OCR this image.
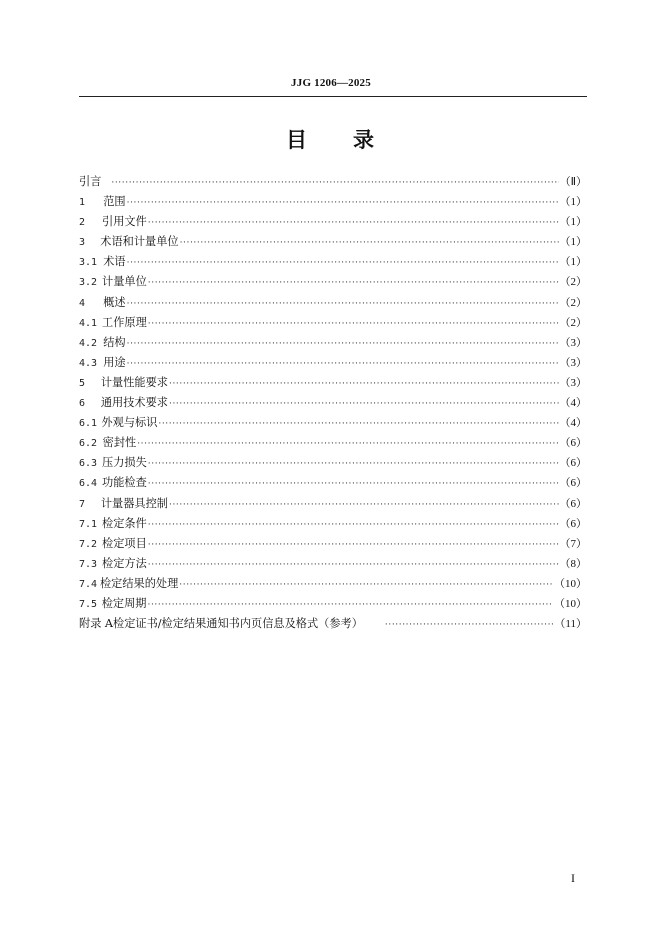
JJG 1206—2025
目 录
引言 ·····	（Ⅱ）
1	范围 ·····	（1）
2	引用文件 ·····	（1）
3	术语和计量单位 ·····	（1）
3.1 术语 ·····	（1）
3.2 计量单位 ·····	（2）
4	概述 ·····	（2）
4.1 工作原理 ·····	（2）
4.2 结构 ·····	（3）
4.3 用途 ·····	（3）
5	计量性能要求 ·····	（3）
6	通用技术要求 ·····	（4）
6.1 外观与标识 ·····	（4）
6.2 密封性 ·····	（6）
6.3 压力损失 ·····	（6）
6.4 功能检查 ·····	（6）
7	计量器具控制 ·····	（6）
7.1 检定条件 ·····	（6）
7.2 检定项目 ·····	（7）
7.3 检定方法 ·····	（8）
7.4 检定结果的处理 ·····	（10）
7.5 检定周期 ·····	（10）
附录 A 检定证书/检定结果通知书内页信息及格式（参考） ·····	（11）
I
